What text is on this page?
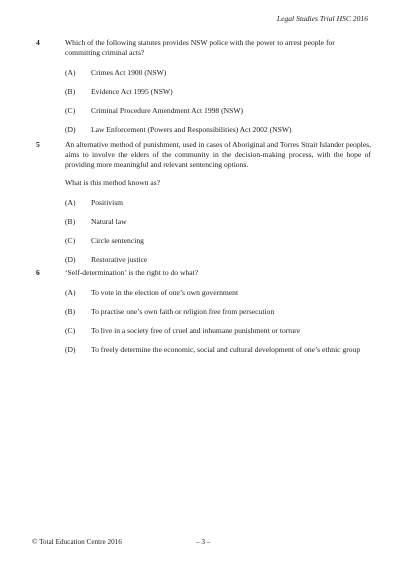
Legal Studies Trial HSC 2016
4	Which of the following statutes provides NSW police with the power to arrest people for committing criminal acts?
(A) Crimes Act 1900 (NSW)
(B) Evidence Act 1995 (NSW)
(C) Criminal Procedure Amendment Act 1998 (NSW)
(D) Law Enforcement (Powers and Responsibilities) Act 2002 (NSW)
5	An alternative method of punishment, used in cases of Aboriginal and Torres Strait Islander peoples, aims to involve the elders of the community in the decision-making process, with the hope of providing more meaningful and relevant sentencing options.
What is this method known as?
(A) Positivism
(B) Natural law
(C) Circle sentencing
(D) Restorative justice
6	‘Self-determination’ is the right to do what?
(A) To vote in the election of one’s own government
(B) To practise one’s own faith or religion free from persecution
(C) To live in a society free of cruel and inhumane punishment or torture
(D) To freely determine the economic, social and cultural development of one’s ethnic group
© Total Education Centre 2016	– 3 –
